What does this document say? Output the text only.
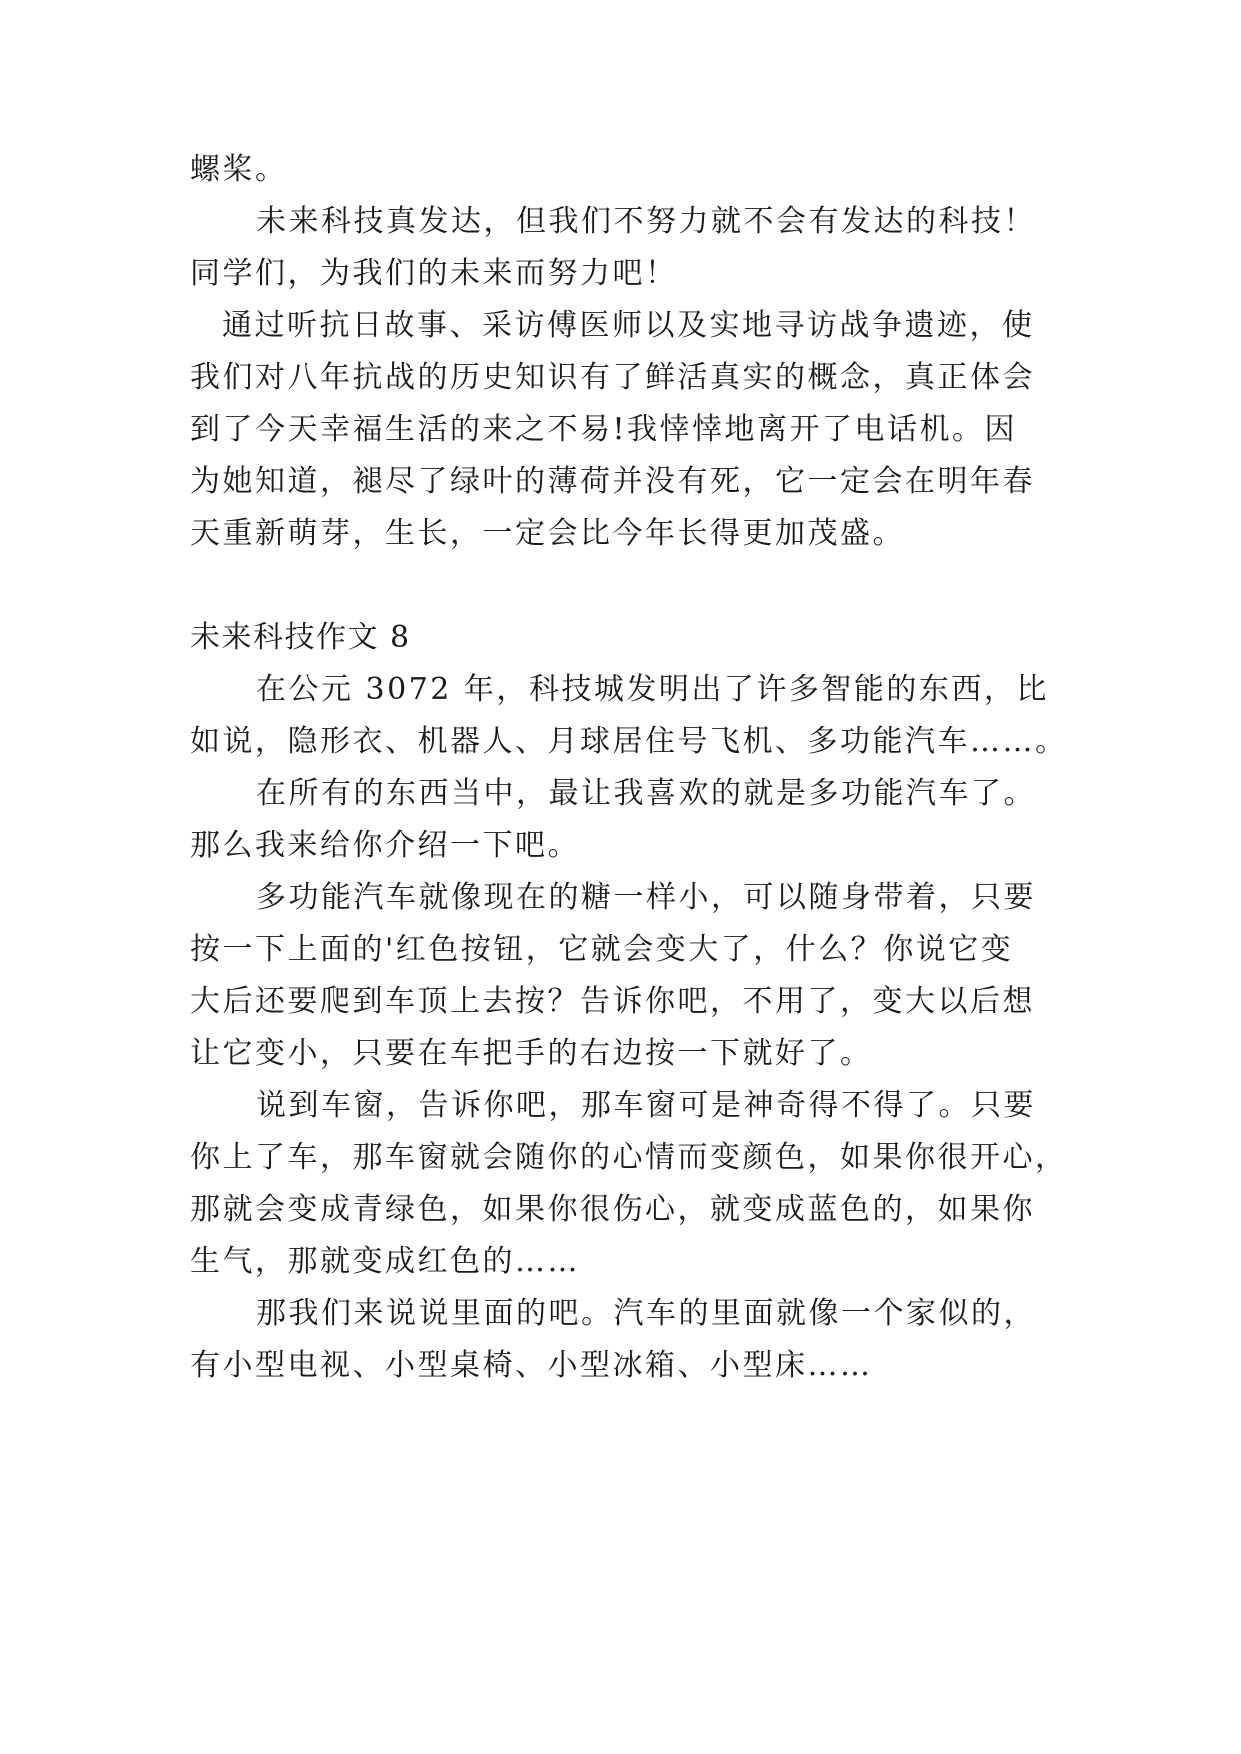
螺桨。
未来科技真发达，但我们不努力就不会有发达的科技！
同学们，为我们的未来而努力吧！
通过听抗日故事、采访傅医师以及实地寻访战争遗迹，使
我们对八年抗战的历史知识有了鲜活真实的概念，真正体会
到了今天幸福生活的来之不易!我悻悻地离开了电话机。因
为她知道，褪尽了绿叶的薄荷并没有死，它一定会在明年春
天重新萌芽，生长，一定会比今年长得更加茂盛。
未来科技作文 8
在公元 3072 年，科技城发明出了许多智能的东西，比
如说，隐形衣、机器人、月球居住号飞机、多功能汽车……。
在所有的东西当中，最让我喜欢的就是多功能汽车了。
那么我来给你介绍一下吧。
多功能汽车就像现在的糖一样小，可以随身带着，只要
按一下上面的'红色按钮，它就会变大了，什么？你说它变
大后还要爬到车顶上去按？告诉你吧，不用了，变大以后想
让它变小，只要在车把手的右边按一下就好了。
说到车窗，告诉你吧，那车窗可是神奇得不得了。只要
你上了车，那车窗就会随你的心情而变颜色，如果你很开心，
那就会变成青绿色，如果你很伤心，就变成蓝色的，如果你
生气，那就变成红色的……
那我们来说说里面的吧。汽车的里面就像一个家似的，
有小型电视、小型桌椅、小型冰箱、小型床……
